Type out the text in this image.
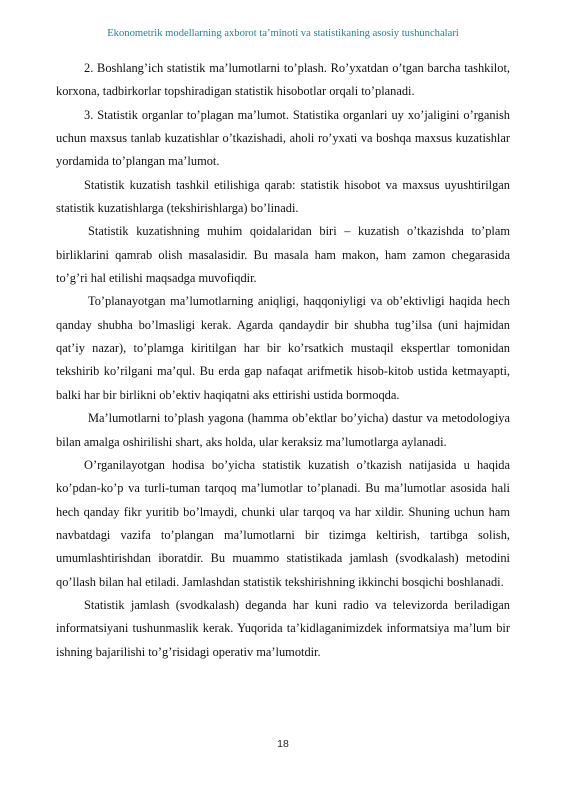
Ekonometrik modellarning axborot ta’minoti va statistikaning asosiy tushunchalari

2. Boshlang’ich statistik ma’lumotlarni to’plash. Ro’yxatdan o’tgan barcha tashkilot, korxona, tadbirkorlar topshiradigan statistik hisobotlar orqali to’planadi.

3. Statistik organlar to’plagan ma’lumot. Statistika organlari uy xo’jaligini o’rganish uchun maxsus tanlab kuzatishlar o’tkazishadi, aholi ro’yxati va boshqa maxsus kuzatishlar yordamida to’plangan ma’lumot.

Statistik kuzatish tashkil etilishiga qarab: statistik hisobot va maxsus uyushtirilgan statistik kuzatishlarga (tekshirishlarga) bo’linadi.

Statistik kuzatishning muhim qoidalaridan biri – kuzatish o’tkazishda to’plam birliklarini qamrab olish masalasidir. Bu masala ham makon, ham zamon chegarasida to’g’ri hal etilishi maqsadga muvofiqdir.

To’planayotgan ma’lumotlarning aniqligi, haqqoniyligi va ob’ektivligi haqida hech qanday shubha bo’lmasligi kerak. Agarda qandaydir bir shubha tug’ilsa (uni hajmidan qat’iy nazar), to’plamga kiritilgan har bir ko’rsatkich mustaqil ekspertlar tomonidan tekshirib ko’rilgani ma’qul. Bu erda gap nafaqat arifmetik hisob-kitob ustida ketmayapti, balki har bir birlikni ob’ektiv haqiqatni aks ettirishi ustida bormoqda.

Ma’lumotlarni to’plash yagona (hamma ob’ektlar bo’yicha) dastur va metodologiya bilan amalga oshirilishi shart, aks holda, ular keraksiz ma’lumotlarga aylanadi.

O’rganilayotgan hodisa bo’yicha statistik kuzatish o’tkazish natijasida u haqida ko’pdan-ko’p va turli-tuman tarqoq ma’lumotlar to’planadi. Bu ma’lumotlar asosida hali hech qanday fikr yuritib bo’lmaydi, chunki ular tarqoq va har xildir. Shuning uchun ham navbatdagi vazifa to’plangan ma’lumotlarni bir tizimga keltirish, tartibga solish, umumlashtirishdan iboratdir. Bu muammo statistikada jamlash (svodkalash) metodini qo’llash bilan hal etiladi. Jamlashdan statistik tekshirishning ikkinchi bosqichi boshlanadi.

Statistik jamlash (svodkalash) deganda har kuni radio va televizorda beriladigan informatsiyani tushunmaslik kerak. Yuqorida ta’kidlaganimizdek informatsiya ma’lum bir ishning bajarilishi to’g’risidagi operativ ma’lumotdir.

18
